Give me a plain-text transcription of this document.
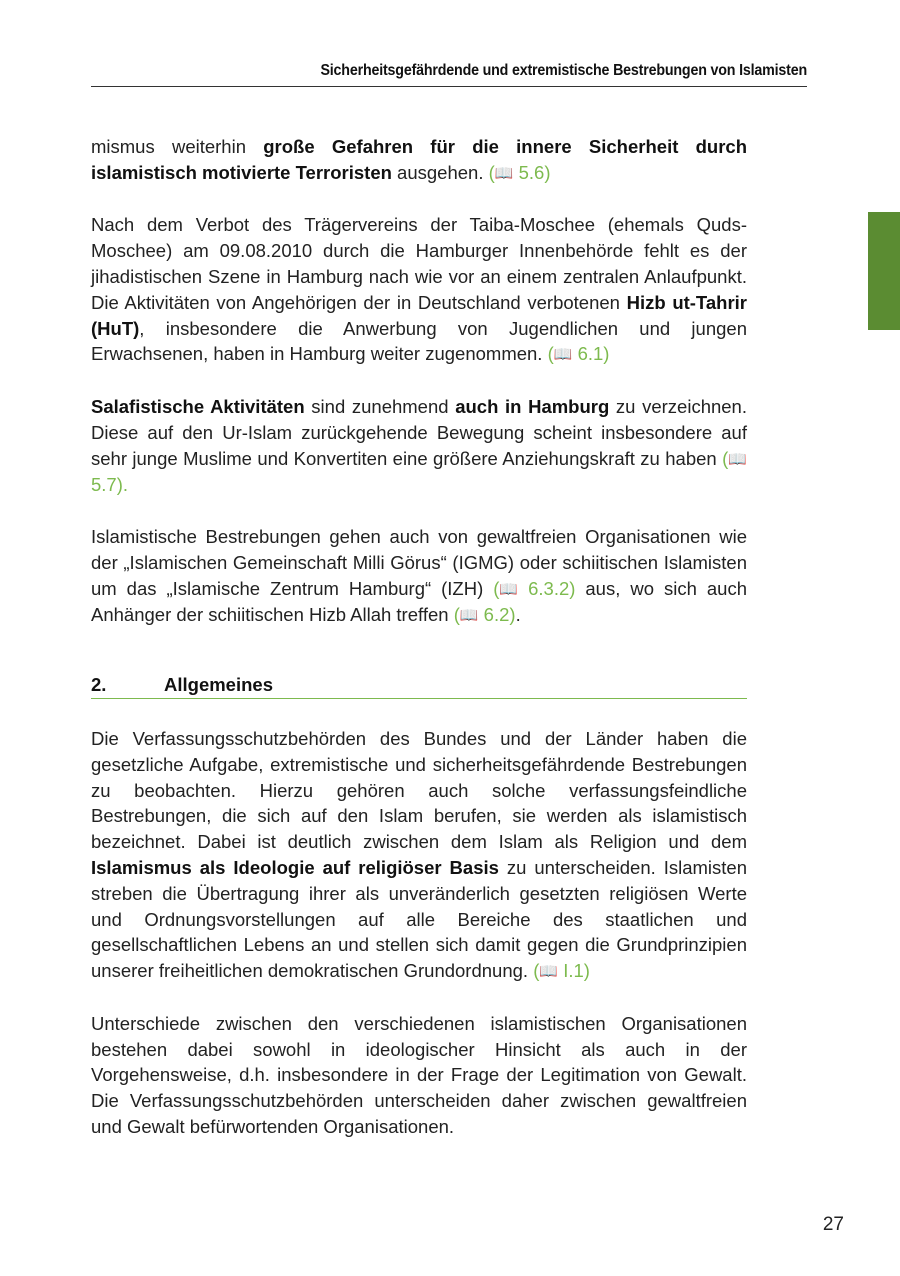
Sicherheitsgefährdende und extremistische Bestrebungen von Islamisten

mismus weiterhin große Gefahren für die innere Sicherheit durch islamistisch motivierte Terroristen ausgehen. (📖 5.6)

Nach dem Verbot des Trägervereins der Taiba-Moschee (ehemals Quds-Moschee) am 09.08.2010 durch die Hamburger Innenbehörde fehlt es der jihadistischen Szene in Hamburg nach wie vor an einem zentralen Anlaufpunkt. Die Aktivitäten von Angehörigen der in Deutschland verbotenen Hizb ut-Tahrir (HuT), insbesondere die Anwerbung von Jugendlichen und jungen Erwachsenen, haben in Hamburg weiter zugenommen. (📖 6.1)

Salafistische Aktivitäten sind zunehmend auch in Hamburg zu verzeichnen. Diese auf den Ur-Islam zurückgehende Bewegung scheint insbesondere auf sehr junge Muslime und Konvertiten eine größere Anziehungskraft zu haben (📖 5.7).

Islamistische Bestrebungen gehen auch von gewaltfreien Organisationen wie der „Islamischen Gemeinschaft Milli Görus“ (IGMG) oder schiitischen Islamisten um das „Islamische Zentrum Hamburg“ (IZH) (📖 6.3.2) aus, wo sich auch Anhänger der schiitischen Hizb Allah treffen (📖 6.2).

2.	Allgemeines

Die Verfassungsschutzbehörden des Bundes und der Länder haben die gesetzliche Aufgabe, extremistische und sicherheitsgefährdende Bestrebungen zu beobachten. Hierzu gehören auch solche verfassungsfeindliche Bestrebungen, die sich auf den Islam berufen, sie werden als islamistisch bezeichnet. Dabei ist deutlich zwischen dem Islam als Religion und dem Islamismus als Ideologie auf religiöser Basis zu unterscheiden. Islamisten streben die Übertragung ihrer als unveränderlich gesetzten religiösen Werte und Ordnungsvorstellungen auf alle Bereiche des staatlichen und gesellschaftlichen Lebens an und stellen sich damit gegen die Grundprinzipien unserer freiheitlichen demokratischen Grundordnung. (📖 I.1)

Unterschiede zwischen den verschiedenen islamistischen Organisationen bestehen dabei sowohl in ideologischer Hinsicht als auch in der Vorgehensweise, d.h. insbesondere in der Frage der Legitimation von Gewalt. Die Verfassungsschutzbehörden unterscheiden daher zwischen gewaltfreien und Gewalt befürwortenden Organisationen.

27
